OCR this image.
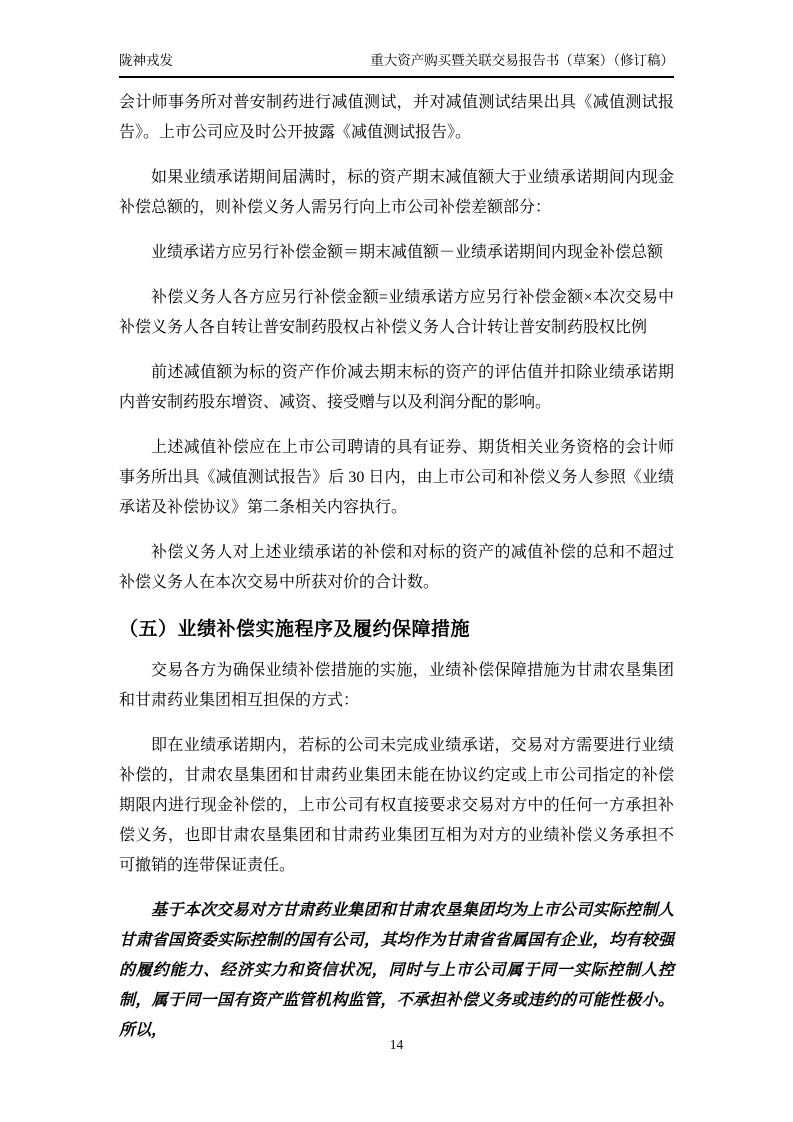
陇神戎发	重大资产购买暨关联交易报告书（草案）（修订稿）

会计师事务所对普安制药进行减值测试，并对减值测试结果出具《减值测试报告》。上市公司应及时公开披露《减值测试报告》。

如果业绩承诺期间届满时，标的资产期末减值额大于业绩承诺期间内现金补偿总额的，则补偿义务人需另行向上市公司补偿差额部分：

业绩承诺方应另行补偿金额＝期末减值额－业绩承诺期间内现金补偿总额

补偿义务人各方应另行补偿金额=业绩承诺方应另行补偿金额×本次交易中补偿义务人各自转让普安制药股权占补偿义务人合计转让普安制药股权比例

前述减值额为标的资产作价减去期末标的资产的评估值并扣除业绩承诺期内普安制药股东增资、减资、接受赠与以及利润分配的影响。

上述减值补偿应在上市公司聘请的具有证券、期货相关业务资格的会计师事务所出具《减值测试报告》后 30 日内，由上市公司和补偿义务人参照《业绩承诺及补偿协议》第二条相关内容执行。

补偿义务人对上述业绩承诺的补偿和对标的资产的减值补偿的总和不超过补偿义务人在本次交易中所获对价的合计数。

（五）业绩补偿实施程序及履约保障措施

交易各方为确保业绩补偿措施的实施，业绩补偿保障措施为甘肃农垦集团和甘肃药业集团相互担保的方式：

即在业绩承诺期内，若标的公司未完成业绩承诺，交易对方需要进行业绩补偿的，甘肃农垦集团和甘肃药业集团未能在协议约定或上市公司指定的补偿期限内进行现金补偿的，上市公司有权直接要求交易对方中的任何一方承担补偿义务，也即甘肃农垦集团和甘肃药业集团互相为对方的业绩补偿义务承担不可撤销的连带保证责任。

基于本次交易对方甘肃药业集团和甘肃农垦集团均为上市公司实际控制人甘肃省国资委实际控制的国有公司，其均作为甘肃省省属国有企业，均有较强的履约能力、经济实力和资信状况，同时与上市公司属于同一实际控制人控制，属于同一国有资产监管机构监管，不承担补偿义务或违约的可能性极小。所以，

14
